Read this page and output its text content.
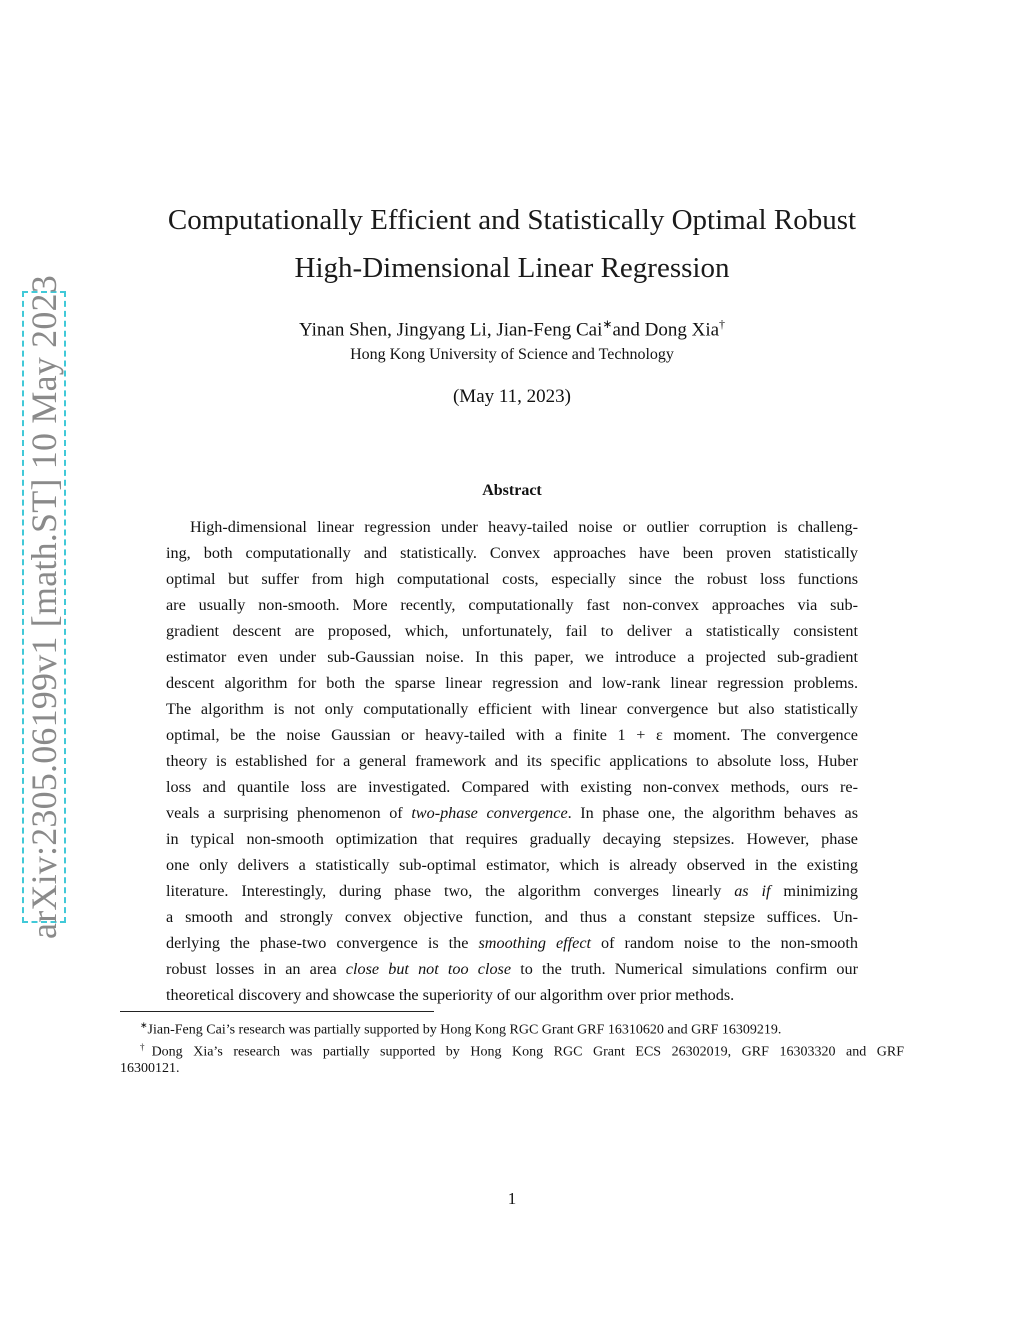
arXiv:2305.06199v1 [math.ST] 10 May 2023
Computationally Efficient and Statistically Optimal Robust
High-Dimensional Linear Regression
Yinan Shen, Jingyang Li, Jian-Feng Cai∗and Dong Xia†
Hong Kong University of Science and Technology
(May 11, 2023)
Abstract
High-dimensional linear regression under heavy-tailed noise or outlier corruption is challeng-
ing, both computationally and statistically. Convex approaches have been proven statistically
optimal but suffer from high computational costs, especially since the robust loss functions
are usually non-smooth. More recently, computationally fast non-convex approaches via sub-
gradient descent are proposed, which, unfortunately, fail to deliver a statistically consistent
estimator even under sub-Gaussian noise. In this paper, we introduce a projected sub-gradient
descent algorithm for both the sparse linear regression and low-rank linear regression problems.
The algorithm is not only computationally efficient with linear convergence but also statistically
optimal, be the noise Gaussian or heavy-tailed with a finite 1 + ε moment. The convergence
theory is established for a general framework and its specific applications to absolute loss, Huber
loss and quantile loss are investigated. Compared with existing non-convex methods, ours re-
veals a surprising phenomenon of two-phase convergence. In phase one, the algorithm behaves as
in typical non-smooth optimization that requires gradually decaying stepsizes. However, phase
one only delivers a statistically sub-optimal estimator, which is already observed in the existing
literature. Interestingly, during phase two, the algorithm converges linearly as if minimizing
a smooth and strongly convex objective function, and thus a constant stepsize suffices. Un-
derlying the phase-two convergence is the smoothing effect of random noise to the non-smooth
robust losses in an area close but not too close to the truth. Numerical simulations confirm our
theoretical discovery and showcase the superiority of our algorithm over prior methods.
∗Jian-Feng Cai’s research was partially supported by Hong Kong RGC Grant GRF 16310620 and GRF 16309219.
†Dong Xia’s research was partially supported by Hong Kong RGC Grant ECS 26302019, GRF 16303320 and GRF
16300121.
1
